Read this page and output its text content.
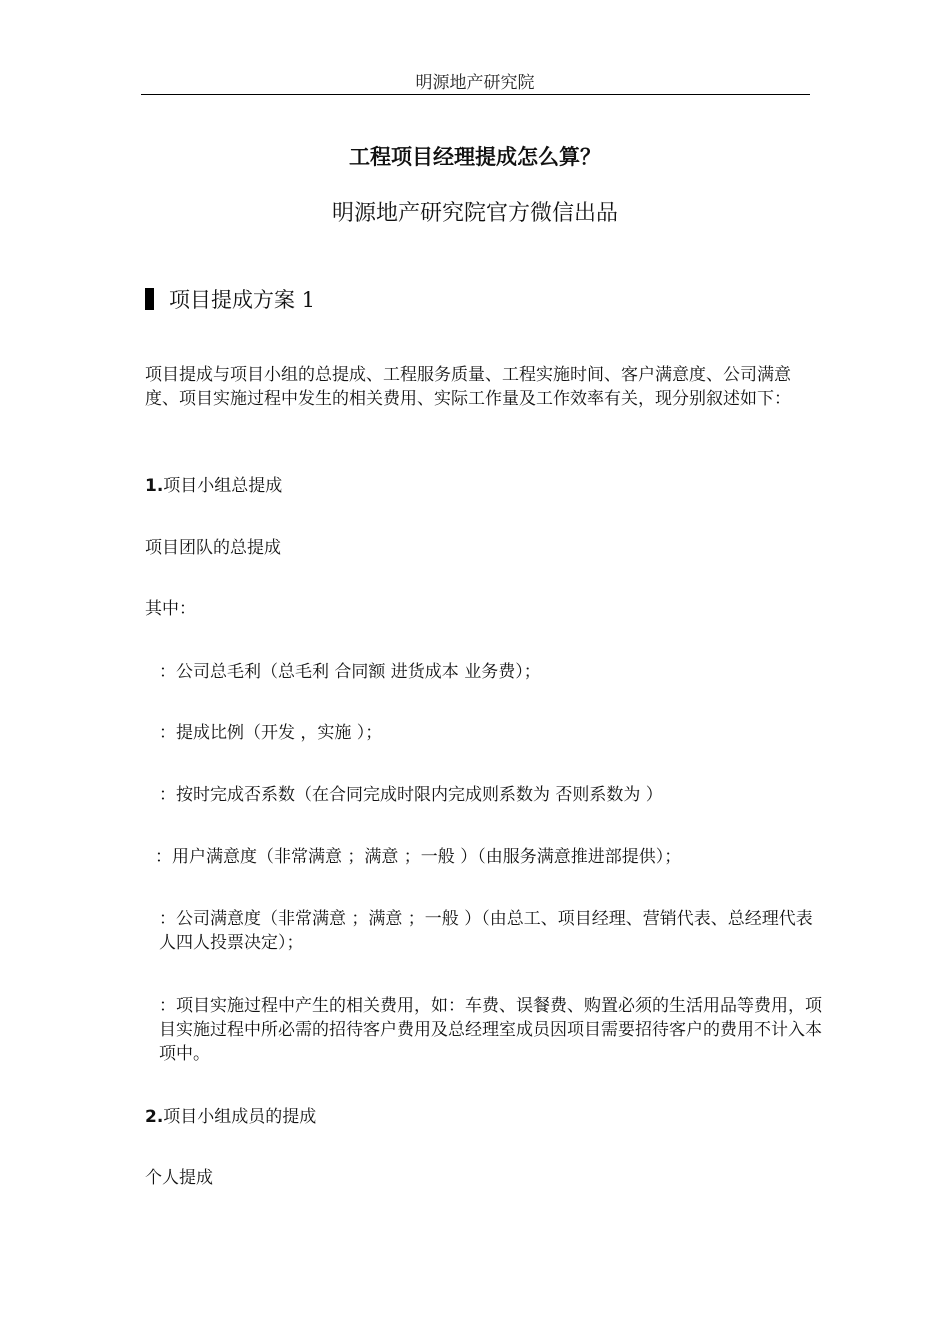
明源地产研究院
工程项目经理提成怎么算？
明源地产研究院官方微信出品
项目提成方案 1
项目提成与项目小组的总提成、工程服务质量、工程实施时间、客户满意度、公司满意度、项目实施过程中发生的相关费用、实际工作量及工作效率有关，现分别叙述如下：
1.项目小组总提成
项目团队的总提成
其中：
：公司总毛利（总毛利 合同额 进货成本 业务费）；
：提成比例（开发 ，实施 ）；
：按时完成否系数（在合同完成时限内完成则系数为 否则系数为 ）
：用户满意度（非常满意 ；满意 ；一般 ）（由服务满意推进部提供）；
：公司满意度（非常满意 ；满意 ；一般 ）（由总工、项目经理、营销代表、总经理代表 人四人投票决定）；
：项目实施过程中产生的相关费用，如：车费、误餐费、购置必须的生活用品等费用，项目实施过程中所必需的招待客户费用及总经理室成员因项目需要招待客户的费用不计入本项中。
2.项目小组成员的提成
个人提成
